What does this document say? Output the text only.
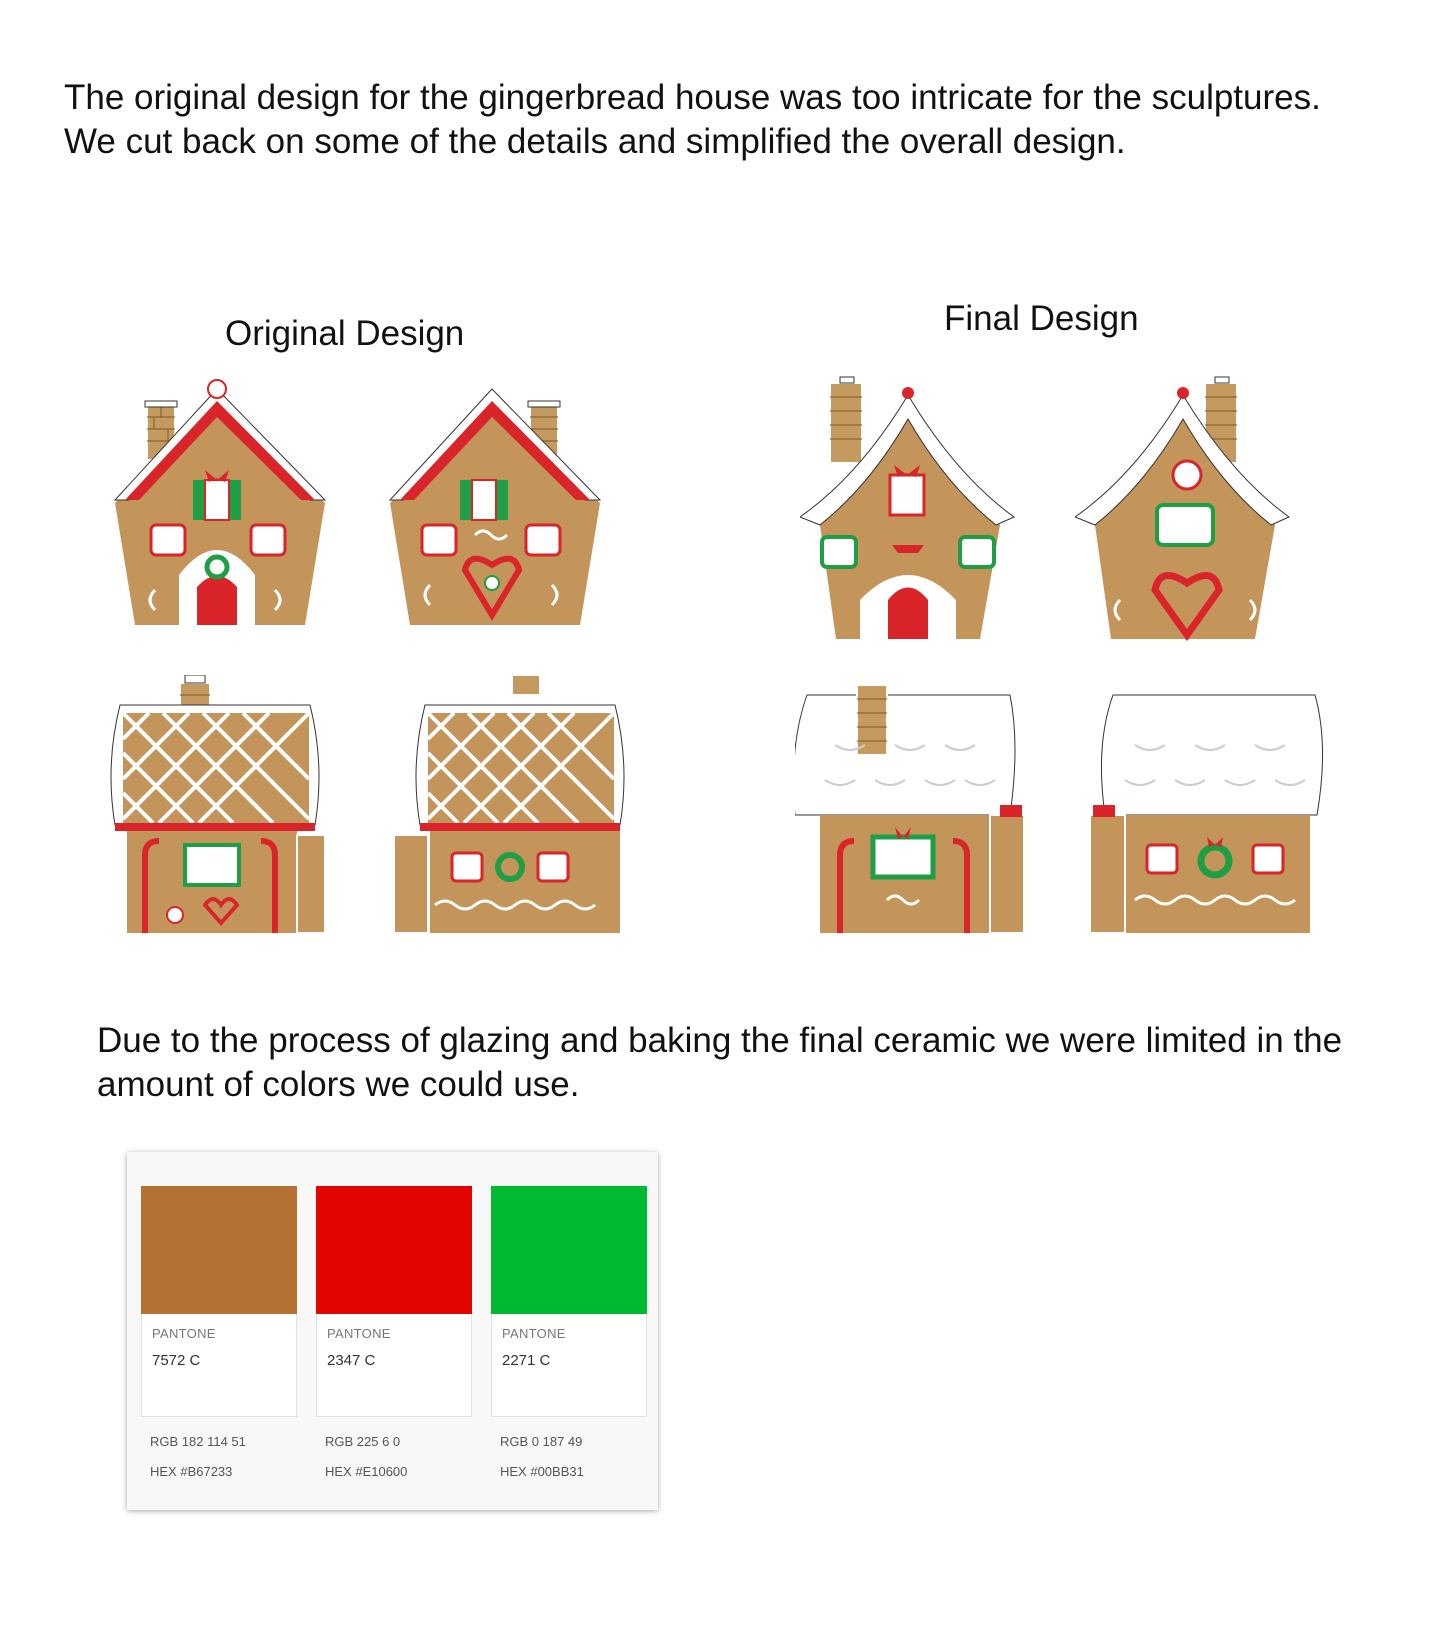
The original design for the gingerbread house was too intricate for the sculptures. We cut back on some of the details and simplified the overall design.

Original Design	Final Design

Due to the process of glazing and baking the final ceramic we were limited in the amount of colors we could use.

PANTONE
7572 C
RGB 182 114 51
HEX #B67233
PANTONE
2347 C
RGB 225 6 0
HEX #E10600
PANTONE
2271 C
RGB 0 187 49
HEX #00BB31
